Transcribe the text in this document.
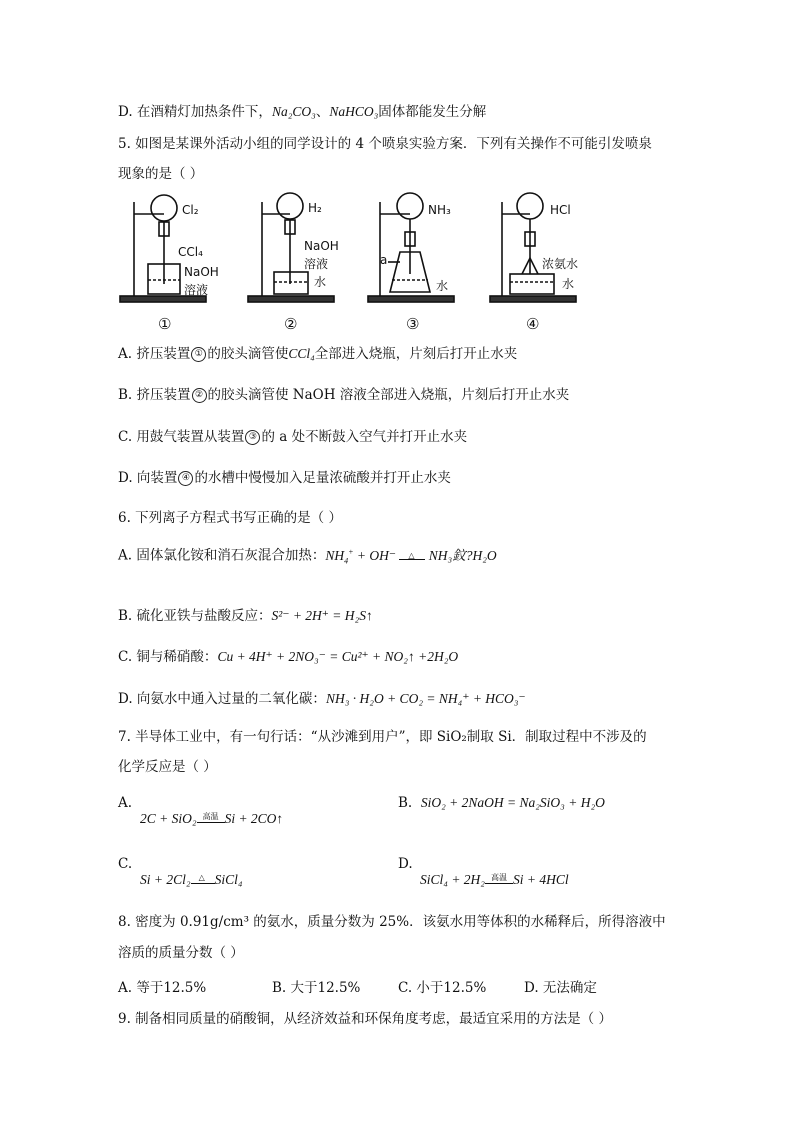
D. 在酒精灯加热条件下，Na₂CO₃、NaHCO₃固体都能发生分解
5. 如图是某课外活动小组的同学设计的 4 个喷泉实验方案．下列有关操作不可能引发喷泉
现象的是（ ）
Cl₂
CCl₄
NaOH
溶液
H₂
NaOH
溶液
水
NH₃
a
水
HCl
浓氨水
水
①	②	③	④
A. 挤压装置 ① 的胶头滴管使CCl₄全部进入烧瓶，片刻后打开止水夹
B. 挤压装置 ② 的胶头滴管使 NaOH 溶液全部进入烧瓶，片刻后打开止水夹
C. 用鼓气装置从装置 ③ 的 a 处不断鼓入空气并打开止水夹
D. 向装置 ④ 的水槽中慢慢加入足量浓硫酸并打开止水夹
6. 下列离子方程式书写正确的是（ ）
A. 固体氯化铵和消石灰混合加热：$NH_4^+ + OH^-$ △ NH₃鈫?H₂O
B. 硫化亚铁与盐酸反应：S²⁻ + 2H⁺ = H₂S↑
C. 铜与稀硝酸：Cu + 4H⁺ + 2NO₃⁻ = Cu²⁺ + NO₂↑ +2H₂O
D. 向氨水中通入过量的二氧化碳：NH₃ · H₂O + CO₂ = NH₄⁺ + HCO₃⁻
7. 半导体工业中，有一句行话：“从沙滩到用户”，即 SiO₂制取 Si．制取过程中不涉及的
化学反应是（ ）
A.
2C + SiO₂ 高温 Si + 2CO↑
B. SiO₂ + 2NaOH = Na₂SiO₃ + H₂O
C.
Si + 2Cl₂ △ SiCl₄
D.
SiCl₄ + 2H₂ 高温 Si + 4HCl
8. 密度为 0.91g/cm³ 的氨水，质量分数为 25%．该氨水用等体积的水稀释后，所得溶液中
溶质的质量分数（ ）
A. 等于12.5%	B. 大于12.5%	C. 小于12.5%	D. 无法确定
9. 制备相同质量的硝酸铜，从经济效益和环保角度考虑，最适宜采用的方法是（ ）
